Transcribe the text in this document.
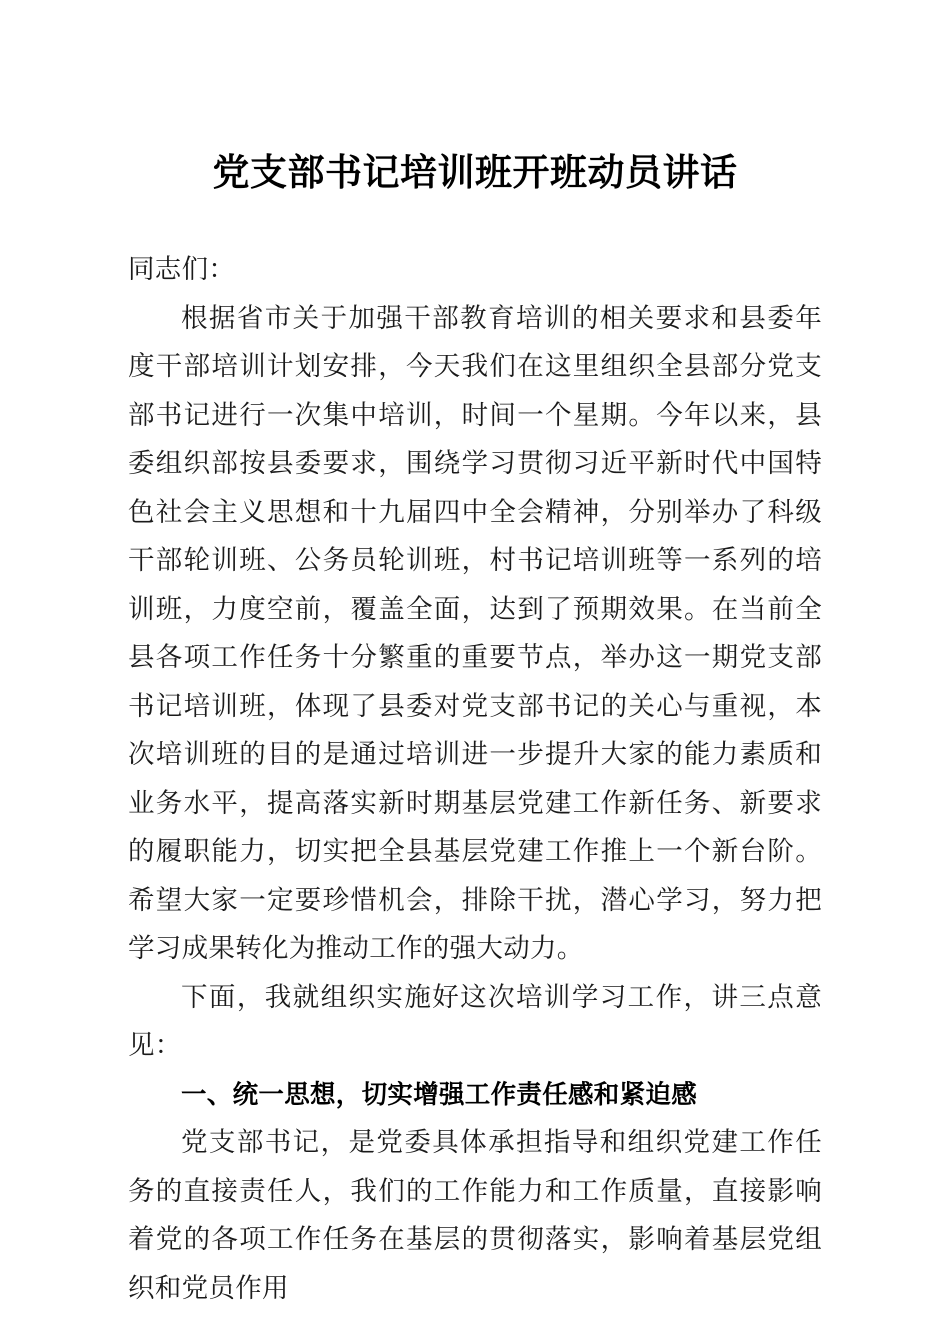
党支部书记培训班开班动员讲话

同志们：

根据省市关于加强干部教育培训的相关要求和县委年度干部培训计划安排，今天我们在这里组织全县部分党支部书记进行一次集中培训，时间一个星期。今年以来，县委组织部按县委要求，围绕学习贯彻习近平新时代中国特色社会主义思想和十九届四中全会精神，分别举办了科级干部轮训班、公务员轮训班，村书记培训班等一系列的培训班，力度空前，覆盖全面，达到了预期效果。在当前全县各项工作任务十分繁重的重要节点，举办这一期党支部书记培训班，体现了县委对党支部书记的关心与重视，本次培训班的目的是通过培训进一步提升大家的能力素质和业务水平，提高落实新时期基层党建工作新任务、新要求的履职能力，切实把全县基层党建工作推上一个新台阶。希望大家一定要珍惜机会，排除干扰，潜心学习，努力把学习成果转化为推动工作的强大动力。

下面，我就组织实施好这次培训学习工作，讲三点意见：

一、统一思想，切实增强工作责任感和紧迫感

党支部书记，是党委具体承担指导和组织党建工作任务的直接责任人，我们的工作能力和工作质量，直接影响着党的各项工作任务在基层的贯彻落实，影响着基层党组织和党员作用
